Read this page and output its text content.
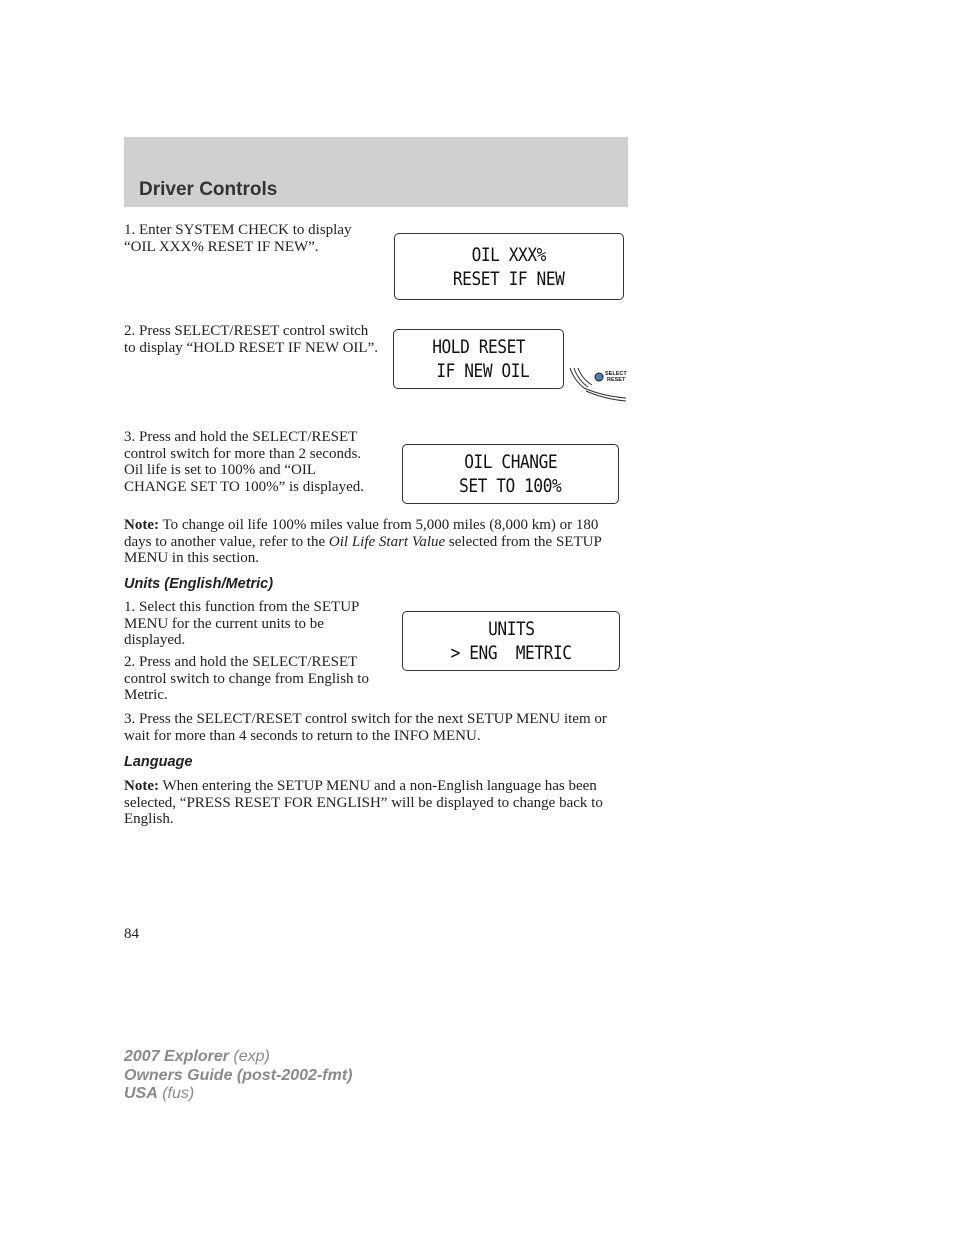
Driver Controls
1. Enter SYSTEM CHECK to display “OIL XXX% RESET IF NEW”.	OIL XXX%
RESET IF NEW
2. Press SELECT/RESET control switch to display “HOLD RESET IF NEW OIL”.	HOLD RESET
IF NEW OIL	SELECT
RESET
3. Press and hold the SELECT/RESET control switch for more than 2 seconds. Oil life is set to 100% and “OIL CHANGE SET TO 100%” is displayed.
OIL CHANGE
SET TO 100%
Note: To change oil life 100% miles value from 5,000 miles (8,000 km) or 180 days to another value, refer to the Oil Life Start Value selected from the SETUP MENU in this section.
Units (English/Metric)
1. Select this function from the SETUP MENU for the current units to be displayed.
2. Press and hold the SELECT/RESET control switch to change from English to Metric.
UNITS
> ENG  METRIC
3. Press the SELECT/RESET control switch for the next SETUP MENU item or wait for more than 4 seconds to return to the INFO MENU.
Language
Note: When entering the SETUP MENU and a non-English language has been selected, “PRESS RESET FOR ENGLISH” will be displayed to change back to English.
84
2007 Explorer (exp)
Owners Guide (post-2002-fmt)
USA (fus)
